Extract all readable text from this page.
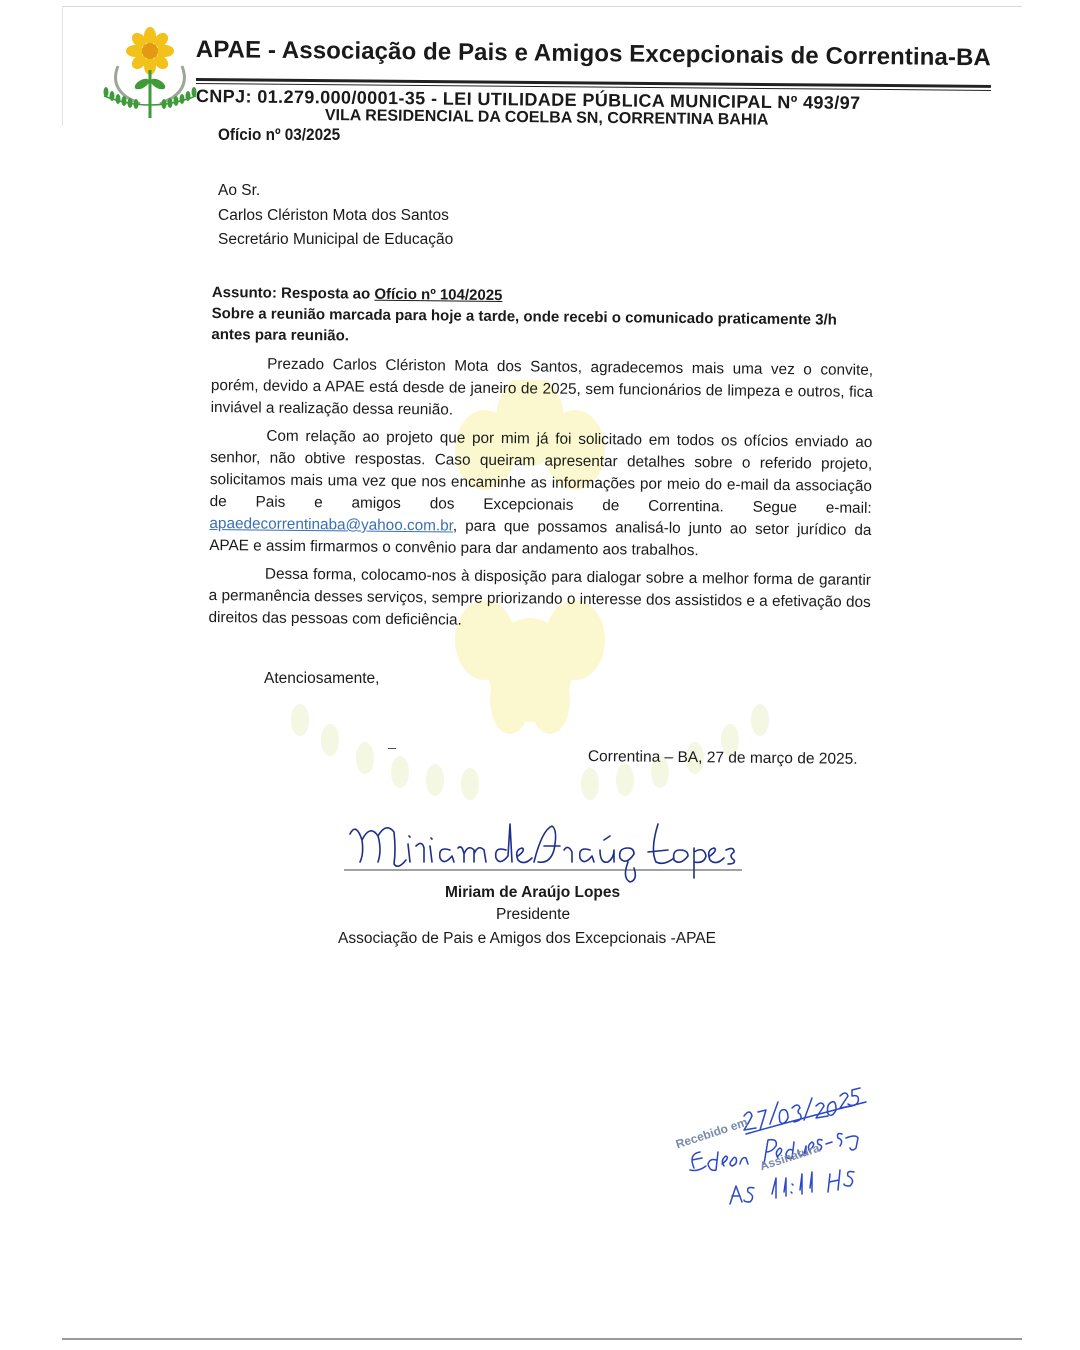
APAE - Associação de Pais e Amigos Excepcionais de Correntina-BA
CNPJ: 01.279.000/0001-35 - LEI UTILIDADE PÚBLICA MUNICIPAL Nº 493/97
VILA RESIDENCIAL DA COELBA SN, CORRENTINA BAHIA
Ofício nº 03/2025
Ao Sr.
Carlos Clériston Mota dos Santos
Secretário Municipal de Educação

Assunto: Resposta ao Ofício nº 104/2025

Sobre a reunião marcada para hoje a tarde, onde recebi o comunicado praticamente 3/h antes para reunião.

Prezado Carlos Clériston Mota dos Santos, agradecemos mais uma vez o convite, porém, devido a APAE está desde de janeiro de 2025, sem funcionários de limpeza e outros, fica inviável a realização dessa reunião.

Com relação ao projeto que por mim já foi solicitado em todos os ofícios enviado ao senhor, não obtive respostas. Caso queiram apresentar detalhes sobre o referido projeto, solicitamos mais uma vez que nos encaminhe as informações por meio do e-mail da associação de Pais e amigos dos Excepcionais de Correntina. Segue e-mail: apaedecorrentinaba@yahoo.com.br, para que possamos analisá-lo junto ao setor jurídico da APAE e assim firmarmos o convênio para dar andamento aos trabalhos.

Dessa forma, colocamo-nos à disposição para dialogar sobre a melhor forma de garantir a permanência desses serviços, sempre priorizando o interesse dos assistidos e a efetivação dos direitos das pessoas com deficiência.

Atenciosamente,
Correntina – BA, 27 de março de 2025.
Miriam de Araújo Lopes
Presidente
Associação de Pais e Amigos dos Excepcionais -APAE
Recebido em
Assinatura
